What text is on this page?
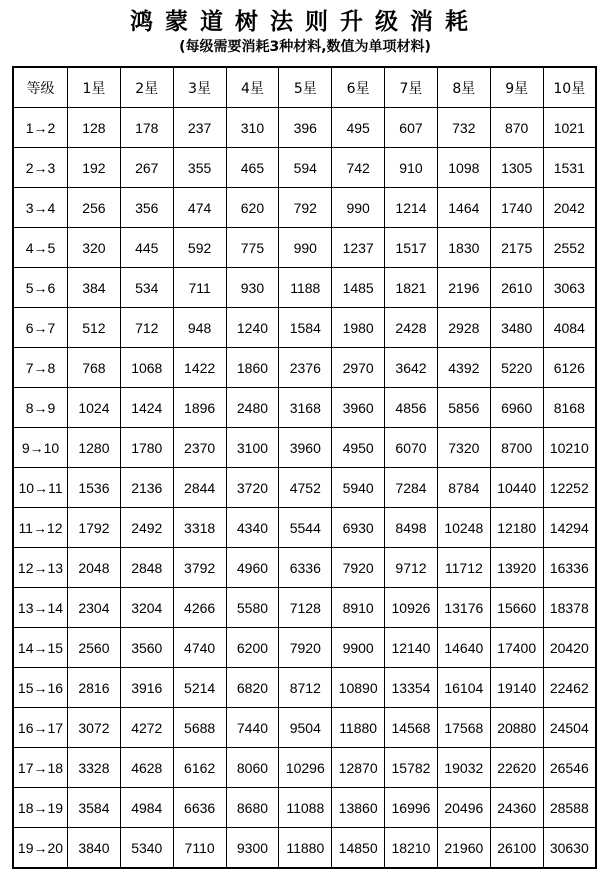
鸿蒙道树法则升级消耗
(每级需要消耗3种材料,数值为单项材料)
等级	1星	2星	3星	4星	5星	6星	7星	8星	9星	10星
1→2	128	178	237	310	396	495	607	732	870	1021
2→3	192	267	355	465	594	742	910	1098	1305	1531
3→4	256	356	474	620	792	990	1214	1464	1740	2042
4→5	320	445	592	775	990	1237	1517	1830	2175	2552
5→6	384	534	711	930	1188	1485	1821	2196	2610	3063
6→7	512	712	948	1240	1584	1980	2428	2928	3480	4084
7→8	768	1068	1422	1860	2376	2970	3642	4392	5220	6126
8→9	1024	1424	1896	2480	3168	3960	4856	5856	6960	8168
9→10	1280	1780	2370	3100	3960	4950	6070	7320	8700	10210
10→11	1536	2136	2844	3720	4752	5940	7284	8784	10440	12252
11→12	1792	2492	3318	4340	5544	6930	8498	10248	12180	14294
12→13	2048	2848	3792	4960	6336	7920	9712	11712	13920	16336
13→14	2304	3204	4266	5580	7128	8910	10926	13176	15660	18378
14→15	2560	3560	4740	6200	7920	9900	12140	14640	17400	20420
15→16	2816	3916	5214	6820	8712	10890	13354	16104	19140	22462
16→17	3072	4272	5688	7440	9504	11880	14568	17568	20880	24504
17→18	3328	4628	6162	8060	10296	12870	15782	19032	22620	26546
18→19	3584	4984	6636	8680	11088	13860	16996	20496	24360	28588
19→20	3840	5340	7110	9300	11880	14850	18210	21960	26100	30630
